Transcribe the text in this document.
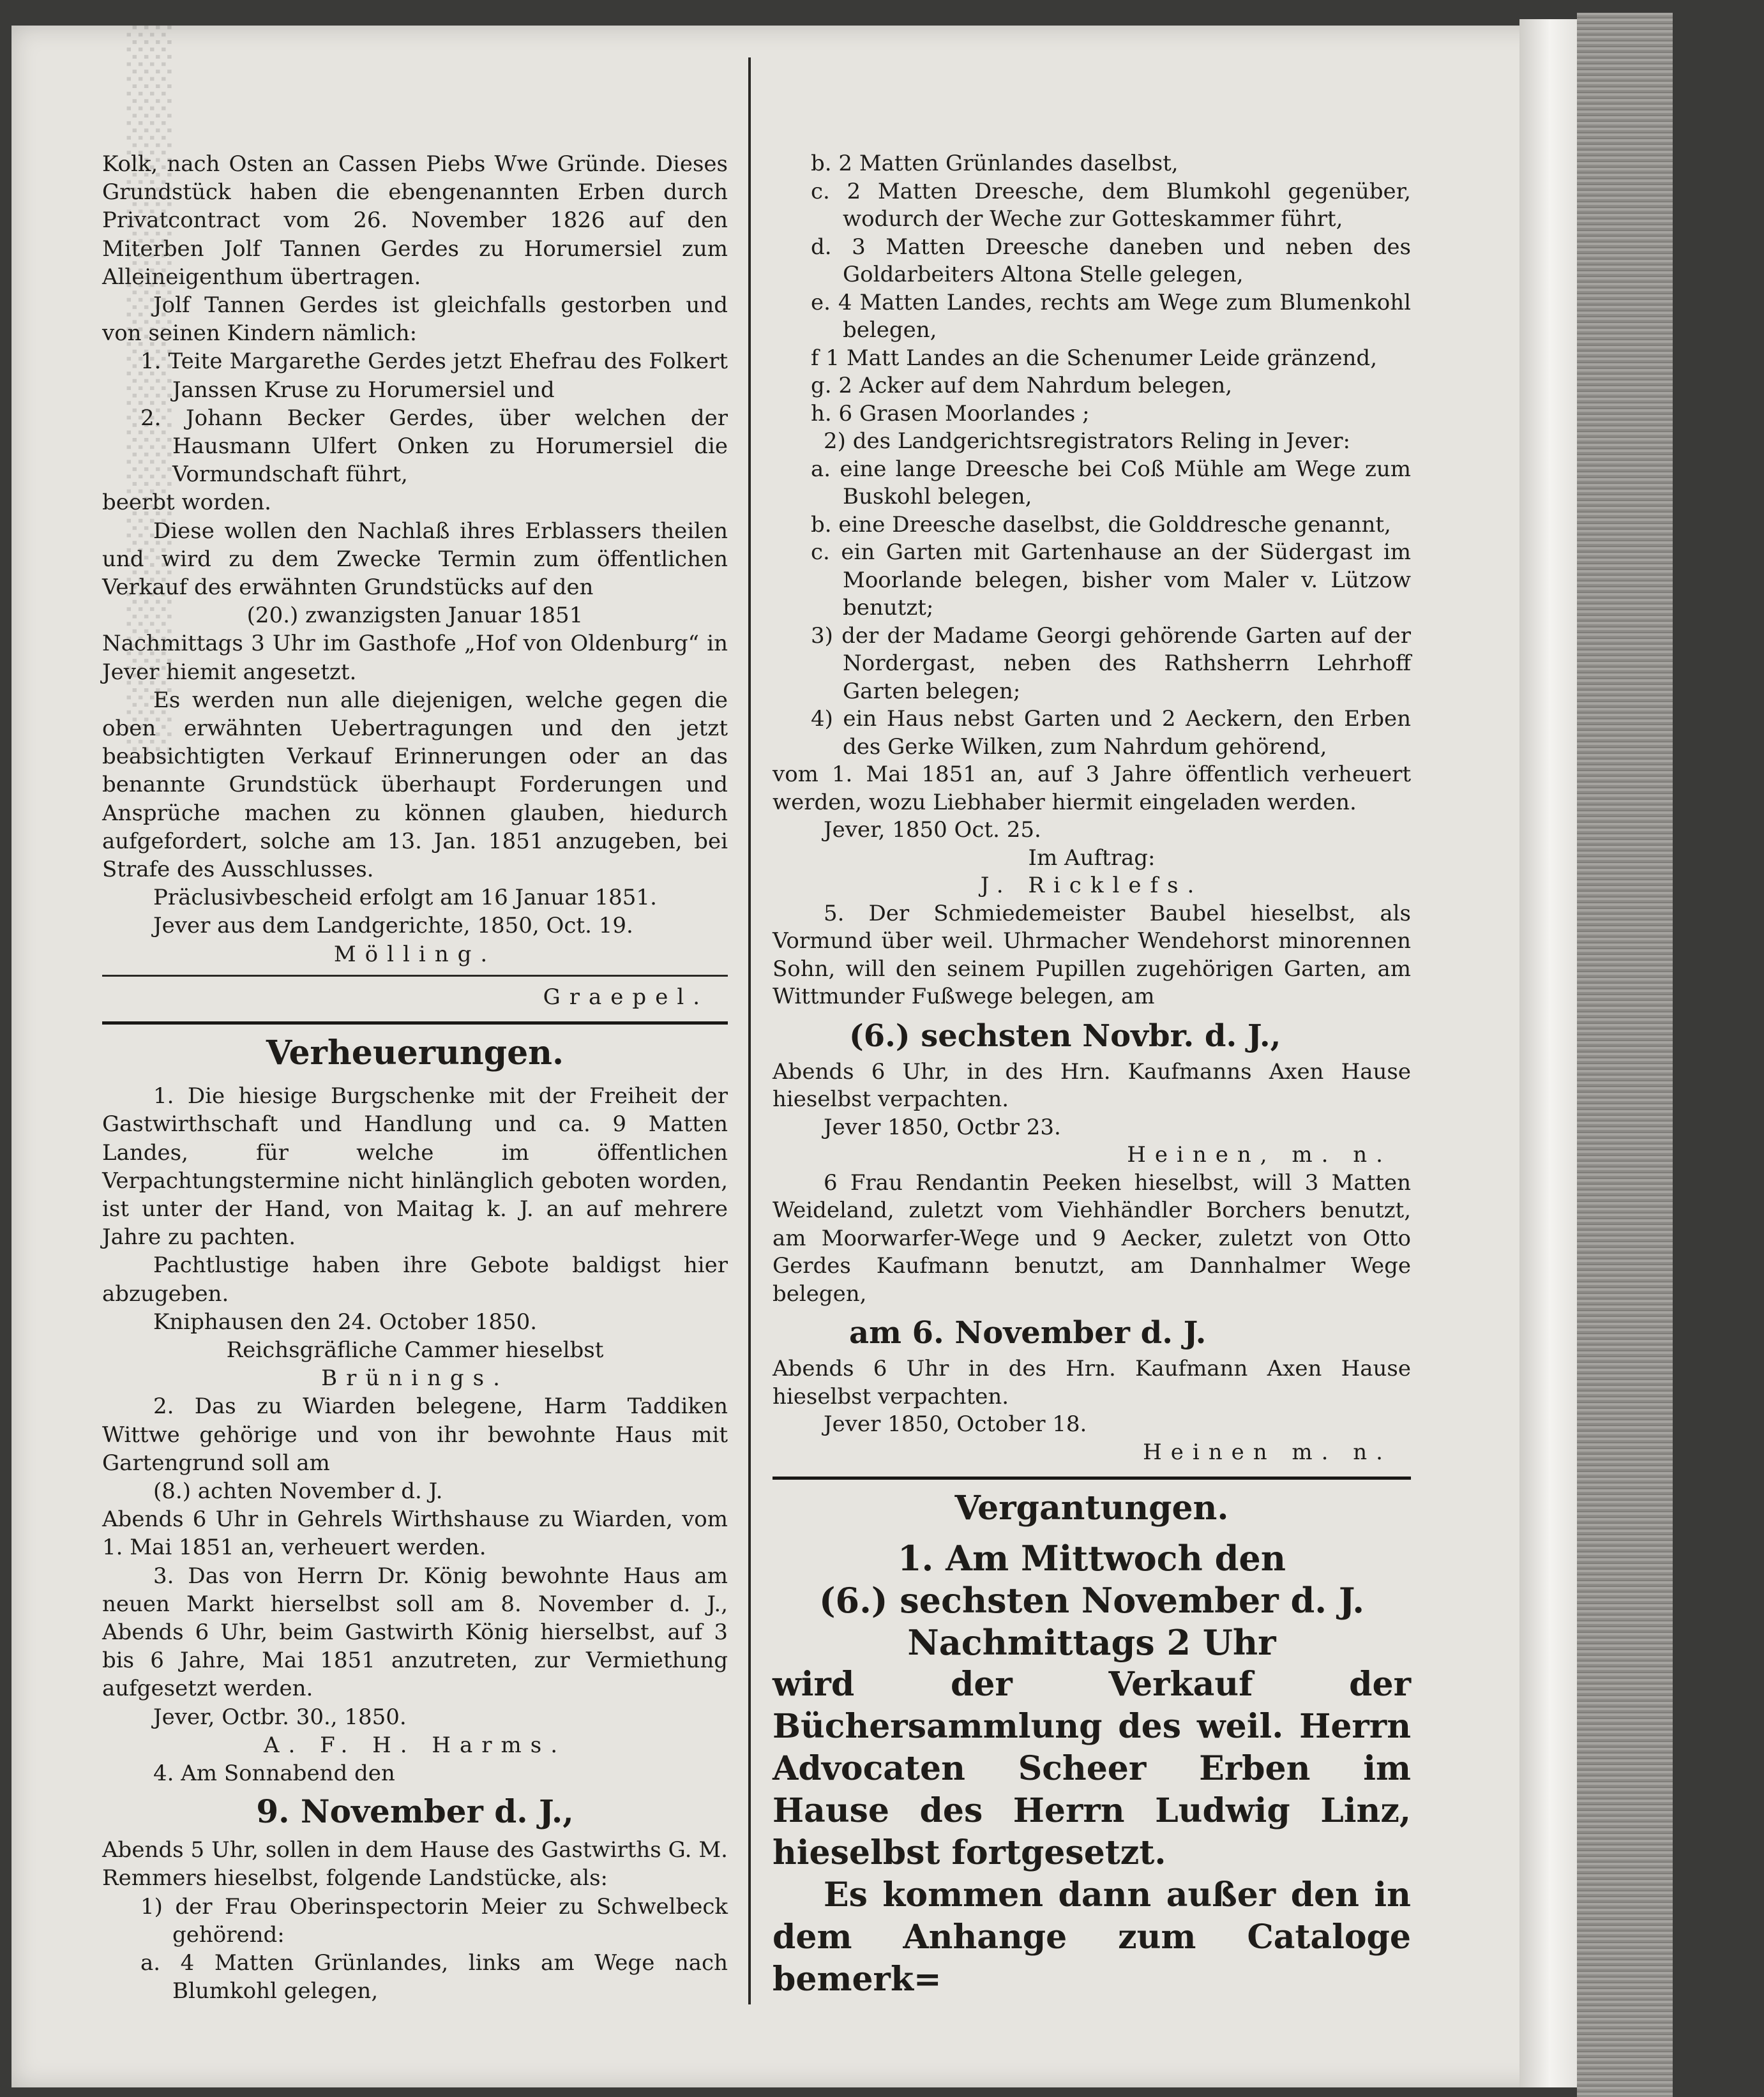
░░░░░░░░░░░░░░░░░░░░░░░░░

Kolk, nach Osten an Cassen Piebs Wwe Gründe. Dieses Grundstück haben die ebengenannten Erben durch Privatcontract vom 26. November 1826 auf den Miterben Jolf Tannen Gerdes zu Horumersiel zum Alleineigenthum übertragen.

Jolf Tannen Gerdes ist gleichfalls gestorben und von seinen Kindern nämlich:

1. Teite Margarethe Gerdes jetzt Ehefrau des Folkert Janssen Kruse zu Horumersiel und

2. Johann Becker Gerdes, über welchen der Hausmann Ulfert Onken zu Horumersiel die Vormundschaft führt,

beerbt worden.

Diese wollen den Nachlaß ihres Erblassers theilen und wird zu dem Zwecke Termin zum öffentlichen Verkauf des erwähnten Grundstücks auf den

(20.) zwanzigsten Januar 1851

Nachmittags 3 Uhr im Gasthofe „Hof von Oldenburg“ in Jever hiemit angesetzt.

Es werden nun alle diejenigen, welche gegen die oben erwähnten Uebertragungen und den jetzt beabsichtigten Verkauf Erinnerungen oder an das benannte Grundstück überhaupt Forderungen und Ansprüche machen zu können glauben, hiedurch aufgefordert, solche am 13. Jan. 1851 anzugeben, bei Strafe des Ausschlusses.

Präclusivbescheid erfolgt am 16 Januar 1851.

Jever aus dem Landgerichte, 1850, Oct. 19.

Mölling.

Graepel.

Verheuerungen.

1. Die hiesige Burgschenke mit der Freiheit der Gastwirthschaft und Handlung und ca. 9 Matten Landes, für welche im öffentlichen Verpachtungstermine nicht hinlänglich geboten worden, ist unter der Hand, von Maitag k. J. an auf mehrere Jahre zu pachten.

Pachtlustige haben ihre Gebote baldigst hier abzugeben.

Kniphausen den 24. October 1850.

Reichsgräfliche Cammer hieselbst

Brünings.

2. Das zu Wiarden belegene, Harm Taddiken Wittwe gehörige und von ihr bewohnte Haus mit Gartengrund soll am

(8.) achten November d. J.

Abends 6 Uhr in Gehrels Wirthshause zu Wiarden, vom 1. Mai 1851 an, verheuert werden.

3. Das von Herrn Dr. König bewohnte Haus am neuen Markt hierselbst soll am 8. November d. J., Abends 6 Uhr, beim Gastwirth König hierselbst, auf 3 bis 6 Jahre, Mai 1851 anzutreten, zur Vermiethung aufgesetzt werden.

Jever, Octbr. 30., 1850.

A. F. H. Harms.

4. Am Sonnabend den

9. November d. J.,

Abends 5 Uhr, sollen in dem Hause des Gastwirths G. M. Remmers hieselbst, folgende Landstücke, als:

1) der Frau Oberinspectorin Meier zu Schwelbeck gehörend:

a. 4 Matten Grünlandes, links am Wege nach Blumkohl gelegen,

b. 2 Matten Grünlandes daselbst,

c. 2 Matten Dreesche, dem Blumkohl gegenüber, wodurch der Weche zur Gotteskammer führt,

d. 3 Matten Dreesche daneben und neben des Goldarbeiters Altona Stelle gelegen,

e. 4 Matten Landes, rechts am Wege zum Blumenkohl belegen,

f 1 Matt Landes an die Schenumer Leide gränzend,

g. 2 Acker auf dem Nahrdum belegen,

h. 6 Grasen Moorlandes ;

2) des Landgerichtsregistrators Reling in Jever:

a. eine lange Dreesche bei Coß Mühle am Wege zum Buskohl belegen,

b. eine Dreesche daselbst, die Golddresche genannt,

c. ein Garten mit Gartenhause an der Südergast im Moorlande belegen, bisher vom Maler v. Lützow benutzt;

3) der der Madame Georgi gehörende Garten auf der Nordergast, neben des Rathsherrn Lehrhoff Garten belegen;

4) ein Haus nebst Garten und 2 Aeckern, den Erben des Gerke Wilken, zum Nahrdum gehörend,

vom 1. Mai 1851 an, auf 3 Jahre öffentlich verheuert werden, wozu Liebhaber hiermit eingeladen werden.

Jever, 1850 Oct. 25.

Im Auftrag:

J. Ricklefs.

5. Der Schmiedemeister Baubel hieselbst, als Vormund über weil. Uhrmacher Wendehorst minorennen Sohn, will den seinem Pupillen zugehörigen Garten, am Wittmunder Fußwege belegen, am

(6.) sechsten Novbr. d. J.,

Abends 6 Uhr, in des Hrn. Kaufmanns Axen Hause hieselbst verpachten.

Jever 1850, Octbr 23.

Heinen, m. n.

6 Frau Rendantin Peeken hieselbst, will 3 Matten Weideland, zuletzt vom Viehhändler Borchers benutzt, am Moorwarfer-Wege und 9 Aecker, zuletzt von Otto Gerdes Kaufmann benutzt, am Dannhalmer Wege belegen,

am 6. November d. J.

Abends 6 Uhr in des Hrn. Kaufmann Axen Hause hieselbst verpachten.

Jever 1850, October 18.

Heinen m. n.

Vergantungen.
1. Am Mittwoch den
(6.) sechsten November d. J.
Nachmittags 2 Uhr

wird der Verkauf der Büchersammlung des weil. Herrn Advocaten Scheer Erben im Hause des Herrn Ludwig Linz, hieselbst fortgesetzt.

Es kommen dann außer den in dem Anhange zum Cataloge bemerk=
